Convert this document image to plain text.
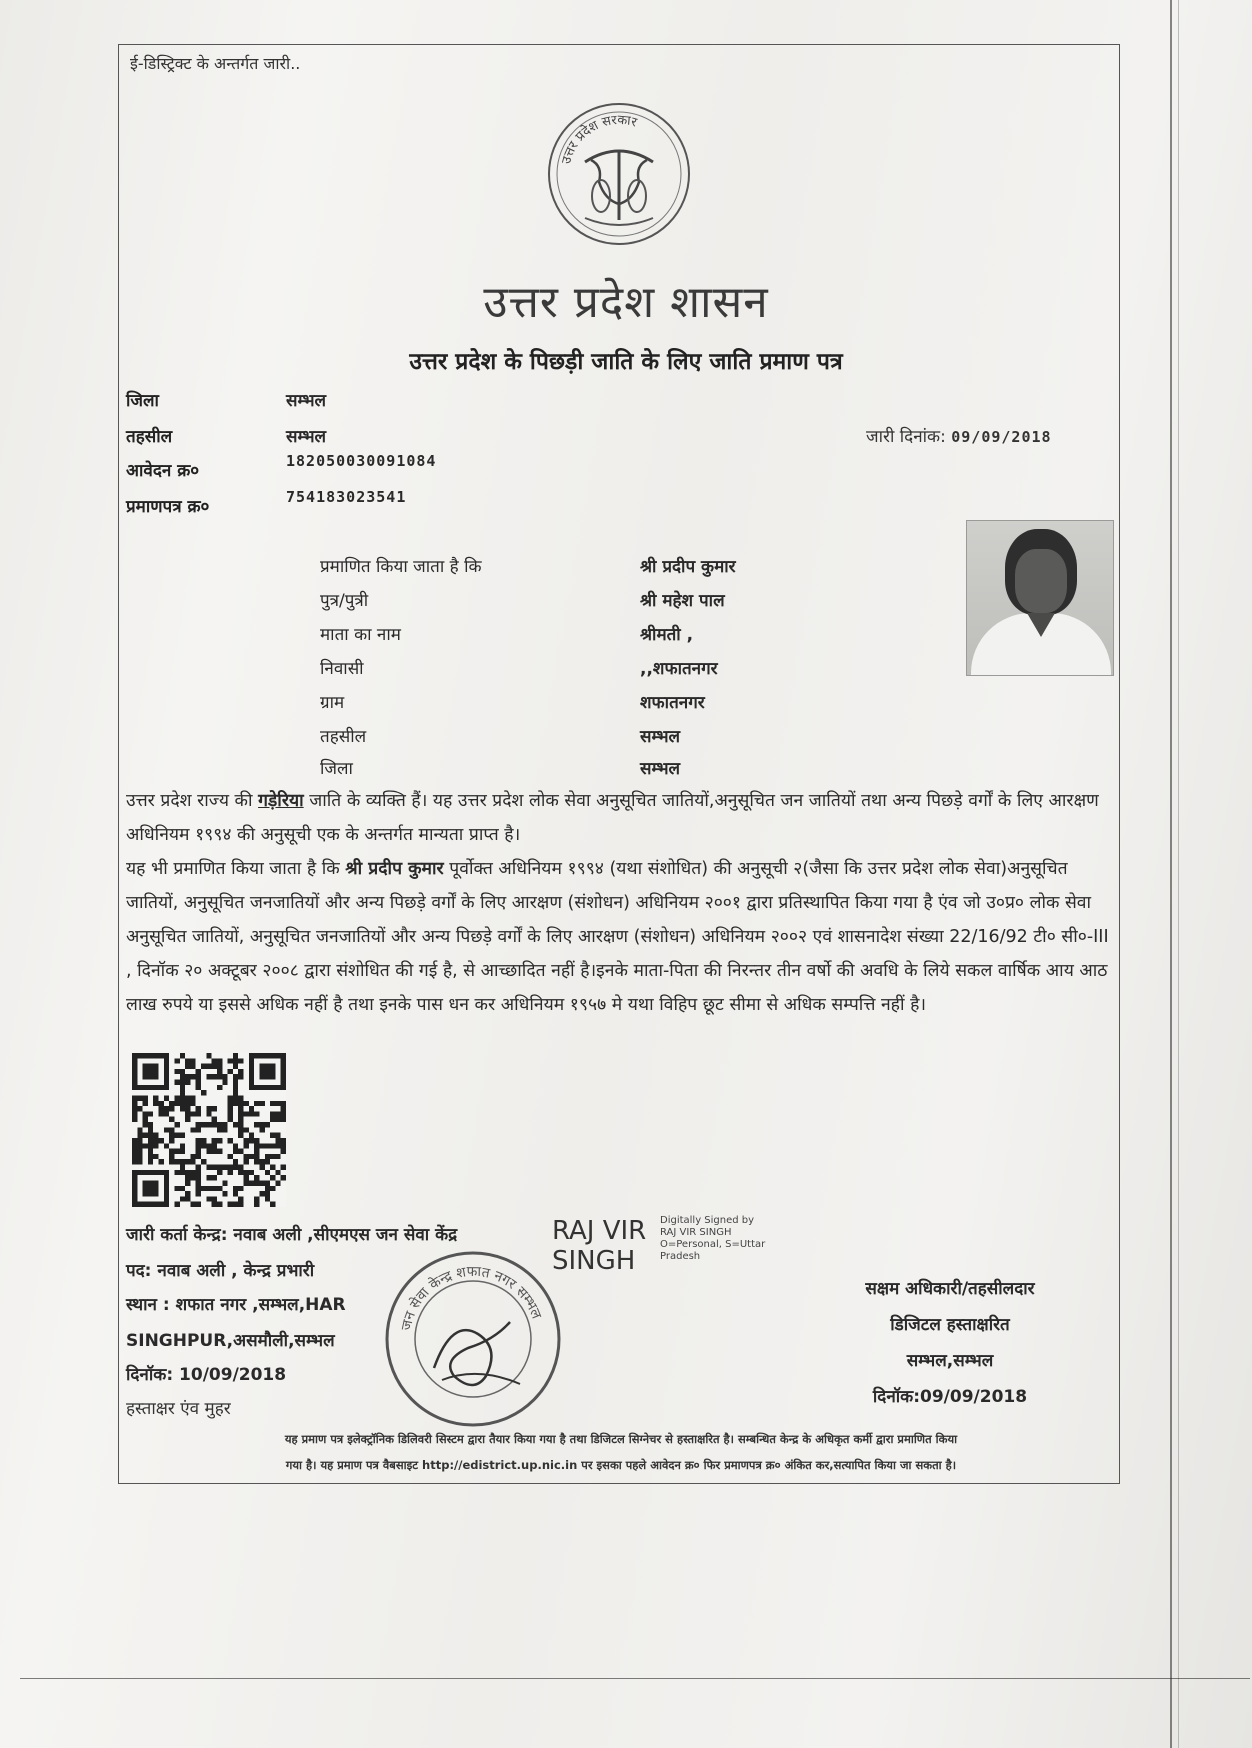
ई-डिस्ट्रिक्ट के अन्तर्गत जारी..
उत्तर प्रदेश सरकार
उत्तर प्रदेश शासन
उत्तर प्रदेश के पिछड़ी जाति के लिए जाति प्रमाण पत्र
जिला	सम्भल
तहसील	सम्भल
आवेदन क्र०	182050030091084
प्रमाणपत्र क्र०	754183023541
जारी दिनांक: 09/09/2018
प्रमाणित किया जाता है कि	श्री प्रदीप कुमार
पुत्र/पुत्री	श्री महेश पाल
माता का नाम	श्रीमती ,
निवासी	,,शफातनगर
ग्राम	शफातनगर
तहसील	सम्भल
जिला	सम्भल
उत्तर प्रदेश राज्य की गड़ेरिया जाति के व्यक्ति हैं। यह उत्तर प्रदेश लोक सेवा अनुसूचित जातियों,अनुसूचित जन जातियों तथा अन्य पिछड़े वर्गों के लिए आरक्षण अधिनियम १९९४ की अनुसूची एक के अन्तर्गत मान्यता प्राप्त है।
यह भी प्रमाणित किया जाता है कि श्री प्रदीप कुमार पूर्वोक्त अधिनियम १९९४ (यथा संशोधित) की अनुसूची २(जैसा कि उत्तर प्रदेश लोक सेवा)अनुसूचित जातियों, अनुसूचित जनजातियों और अन्य पिछड़े वर्गों के लिए आरक्षण (संशोधन) अधिनियम २००१ द्वारा प्रतिस्थापित किया गया है एंव जो उ०प्र० लोक सेवा अनुसूचित जातियों, अनुसूचित जनजातियों और अन्य पिछड़े वर्गों के लिए आरक्षण (संशोधन) अधिनियम २००२ एवं शासनादेश संख्या 22/16/92 टी० सी०-III , दिनॉक २० अक्टूबर २००८ द्वारा संशोधित की गई है, से आच्छादित नहीं है।इनके माता-पिता की निरन्तर तीन वर्षो की अवधि के लिये सकल वार्षिक आय आठ लाख रुपये या इससे अधिक नहीं है तथा इनके पास धन कर अधिनियम १९५७ मे यथा विहिप छूट सीमा से अधिक सम्पत्ति नहीं है।
जारी कर्ता केन्द्र: नवाब अली ,सीएमएस जन सेवा केंद्र	RAJ VIR
SINGH
Digitally Signed by
RAJ VIR SINGH
O=Personal, S=Uttar
Pradesh
पद: नवाब अली , केन्द्र प्रभारी
स्थान : शफात नगर ,सम्भल,HAR
SINGHPUR,असमौली,सम्भल
दिनॉक: 10/09/2018
हस्ताक्षर एंव मुहर
जन सेवा केन्द्र शफात नगर सम्भल
सक्षम अधिकारी/तहसीलदार
डिजिटल हस्ताक्षरित
सम्भल,सम्भल
दिनॉक:09/09/2018
यह प्रमाण पत्र इलेक्ट्रॉनिक डिलिवरी सिस्टम द्वारा तैयार किया गया है तथा डिजिटल सिग्नेचर से हस्ताक्षरित है। सम्बन्धित केन्द्र के अधिकृत कर्मी द्वारा प्रमाणित किया
गया है। यह प्रमाण पत्र वैबसाइट http://edistrict.up.nic.in पर इसका पहले आवेदन क्र० फिर प्रमाणपत्र क्र० अंकित कर,सत्यापित किया जा सकता है।
